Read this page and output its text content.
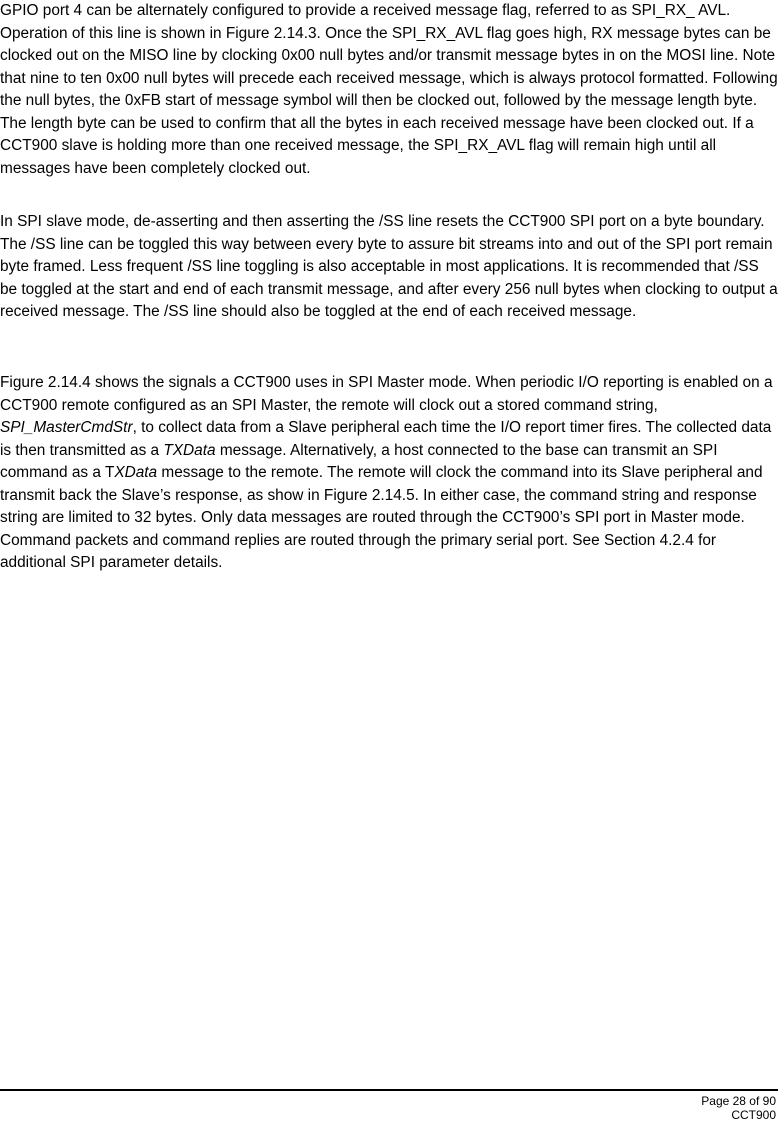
GPIO port 4 can be alternately configured to provide a received message flag, referred to as SPI_RX_ AVL. Operation of this line is shown in Figure 2.14.3. Once the SPI_RX_AVL flag goes high, RX message bytes can be clocked out on the MISO line by clocking 0x00 null bytes and/or transmit message bytes in on the MOSI line. Note that nine to ten 0x00 null bytes will precede each received message, which is always protocol formatted. Following the null bytes, the 0xFB start of message symbol will then be clocked out, followed by the message length byte. The length byte can be used to confirm that all the bytes in each received message have been clocked out. If a CCT900 slave is holding more than one received message, the SPI_RX_AVL flag will remain high until all messages have been completely clocked out.

In SPI slave mode, de-asserting and then asserting the /SS line resets the CCT900 SPI port on a byte boundary. The /SS line can be toggled this way between every byte to assure bit streams into and out of the SPI port remain byte framed. Less frequent /SS line toggling is also acceptable in most applications. It is recommended that /SS be toggled at the start and end of each transmit message, and after every 256 null bytes when clocking to output a received message. The /SS line should also be toggled at the end of each received message.

Figure 2.14.4 shows the signals a CCT900 uses in SPI Master mode. When periodic I/O reporting is enabled on a CCT900 remote configured as an SPI Master, the remote will clock out a stored command string, SPI_MasterCmdStr, to collect data from a Slave peripheral each time the I/O report timer fires. The collected data is then transmitted as a TXData message. Alternatively, a host connected to the base can transmit an SPI command as a TXData message to the remote. The remote will clock the command into its Slave peripheral and transmit back the Slave’s response, as show in Figure 2.14.5. In either case, the command string and response string are limited to 32 bytes. Only data messages are routed through the CCT900’s SPI port in Master mode. Command packets and command replies are routed through the primary serial port. See Section 4.2.4 for additional SPI parameter details.

Page 28 of 90
CCT900
